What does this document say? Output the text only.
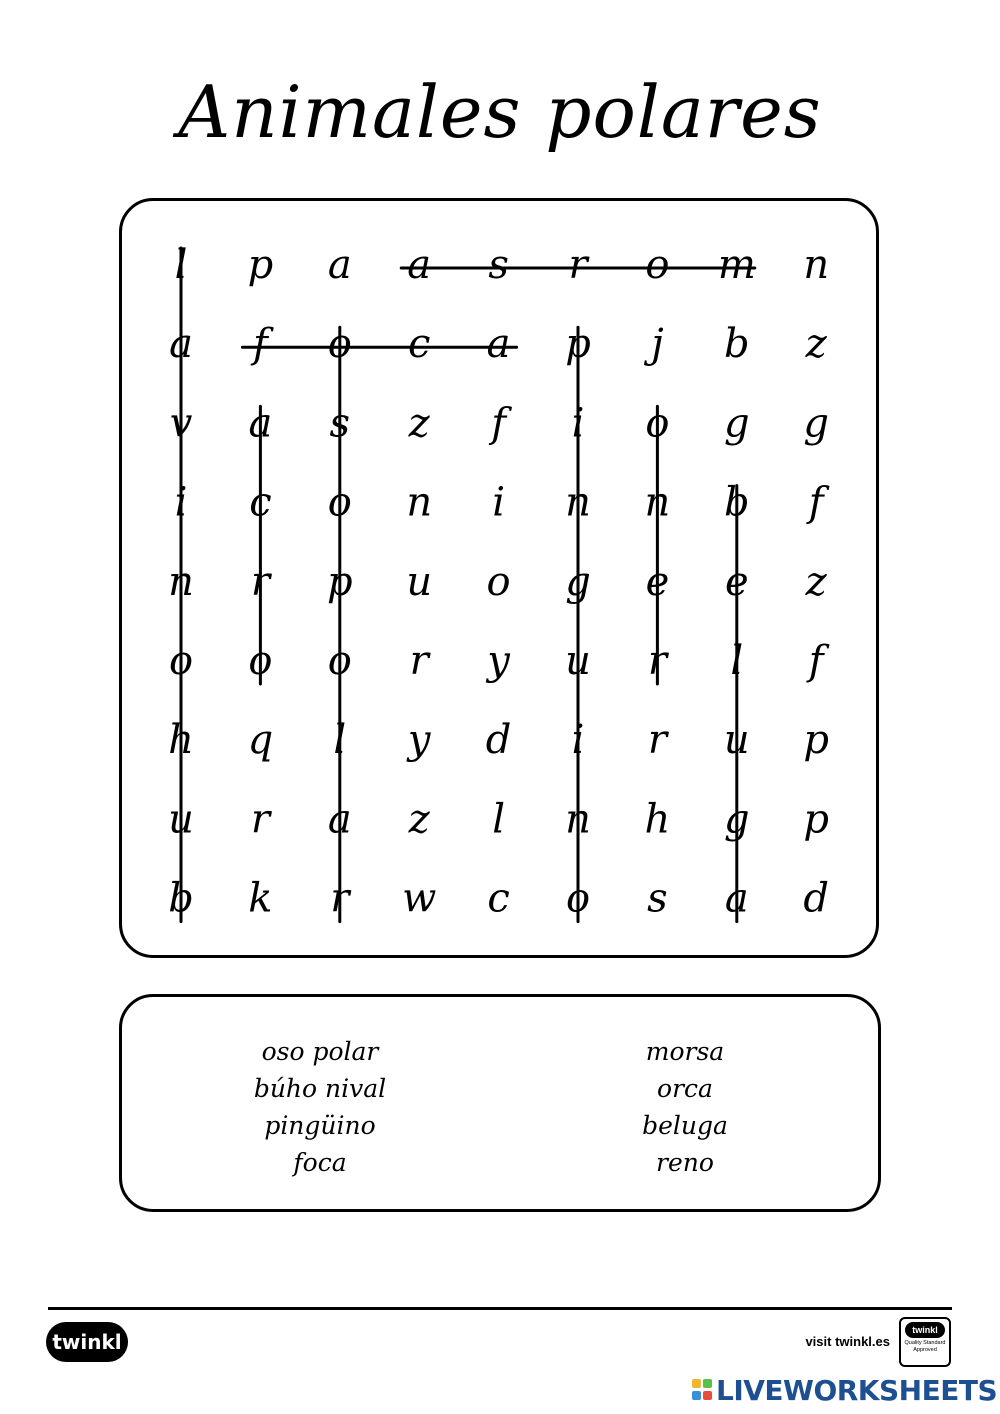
Animales polares
l p a a s r o m n
a f o c a p j b z
v a s z f i o g g
i c o n i n n b f
n r p u o g e e z
o o o r y u r l f
h q l y d i r u p
u r a z l n h g p
b k r w c o s a d
oso polar
búho nival
pingüino
foca
morsa
orca
beluga
reno
twinkl	visit twinkl.es
twinkl
Quality Standard Approved
LIVEWORKSHEETS
